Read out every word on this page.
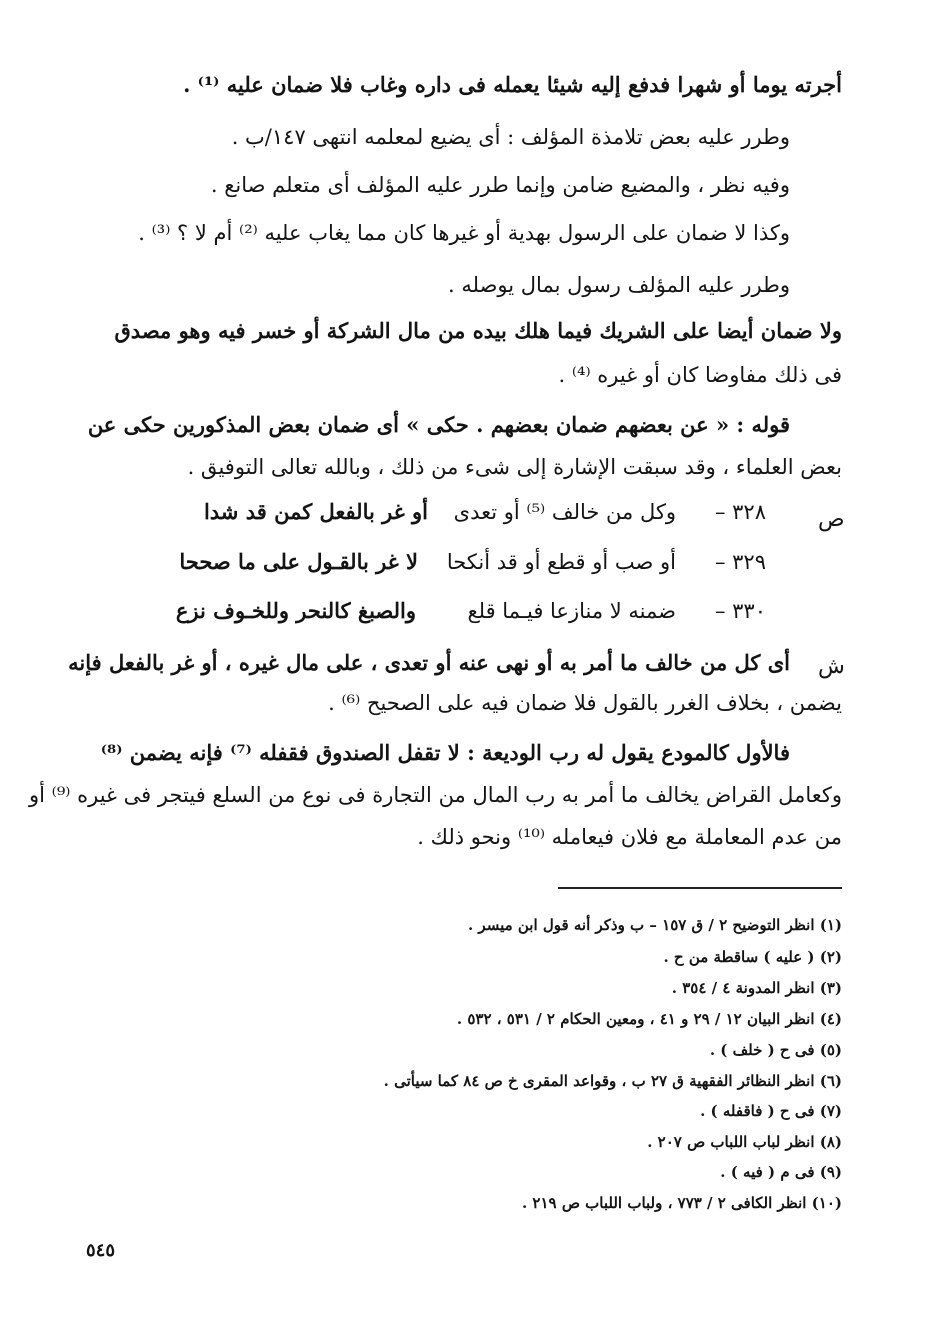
أجرته يوما أو شهرا فدفع إليه شيئا يعمله فى داره وغاب فلا ضمان عليه ⁽¹⁾ .
وطرر عليه بعض تلامذة المؤلف : أى يضيع لمعلمه انتهى ١٤٧/ب .
وفيه نظر ، والمضيع ضامن وإنما طرر عليه المؤلف أى متعلم صانع .
وكذا لا ضمان على الرسول بهدية أو غيرها كان مما يغاب عليه ⁽²⁾ أم لا ؟ ⁽³⁾ .
وطرر عليه المؤلف رسول بمال يوصله .
ولا ضمان أيضا على الشريك فيما هلك بيده من مال الشركة أو خسر فيه وهو مصدق
فى ذلك مفاوضا كان أو غيره ⁽⁴⁾ .
قوله : « عن بعضهم ضمان بعضهم . حكى » أى ضمان بعض المذكورين حكى عن
بعض العلماء ، وقد سبقت الإشارة إلى شىء من ذلك ، وبالله تعالى التوفيق .
ص
٣٢٨ –
وكل من خالف ⁽⁵⁾ أو تعدى
أو غر بالفعل كمن قد شدا
٣٢٩ –
أو صب أو قطع أو قد أنكحا
لا غر بالقـول على ما صححا
٣٣٠ –
ضمنه لا منازعا فيـما قلع
والصبغ كالنحر وللخـوف نزع
ش
أى كل من خالف ما أمر به أو نهى عنه أو تعدى ، على مال غيره ، أو غر بالفعل فإنه
يضمن ، بخلاف الغرر بالقول فلا ضمان فيه على الصحيح ⁽⁶⁾ .
فالأول كالمودع يقول له رب الوديعة : لا تقفل الصندوق فقفله ⁽⁷⁾ فإنه يضمن ⁽⁸⁾
وكعامل القراض يخالف ما أمر به رب المال من التجارة فى نوع من السلع فيتجر فى غيره ⁽⁹⁾ أو
من عدم المعاملة مع فلان فيعامله ⁽¹⁰⁾ ونحو ذلك .
(١) انظر التوضيح ٢ / ق ١٥٧ – ب وذكر أنه قول ابن ميسر .
(٢) ( عليه ) ساقطة من ح .
(٣) انظر المدونة ٤ / ٣٥٤ .
(٤) انظر البيان ١٢ / ٢٩ و ٤١ ، ومعين الحكام ٢ / ٥٣١ ، ٥٣٢ .
(٥) فى ح ( خلف ) .
(٦) انظر النظائر الفقهية ق ٢٧ ب ، وقواعد المقرى خ ص ٨٤ كما سيأتى .
(٧) فى ح ( فاقفله ) .
(٨) انظر لباب اللباب ص ٢٠٧ .
(٩) فى م ( فيه ) .
(١٠) انظر الكافى ٢ / ٧٧٣ ، ولباب اللباب ص ٢١٩ .
٥٤٥
